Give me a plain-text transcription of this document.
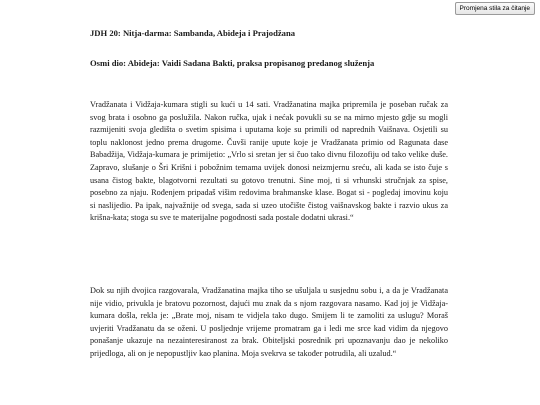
Promjena stila za čitanje
JDH 20: Nitja-darma: Sambanda, Abideja i Prajodžana
Osmi dio: Abideja: Vaidi Sadana Bakti, praksa propisanog predanog služenja

Vradžanata i Vidžaja-kumara stigli su kući u 14 sati. Vradžanatina majka pripremila je poseban ručak za svog brata i osobno ga poslužila. Nakon ručka, ujak i nećak povukli su se na mirno mjesto gdje su mogli razmijeniti svoja gledišta o svetim spisima i uputama koje su primili od naprednih Vaišnava. Osjetili su toplu naklonost jedno prema drugome. Čuvši ranije upute koje je Vradžanata primio od Ragunata dase Babadžija, Vidžaja-kumara je primijetio: „Vrlo si sretan jer si čuo tako divnu filozofiju od tako velike duše. Zapravo, slušanje o Šri Krišni i pobožnim temama uvijek donosi neizmjernu sreću, ali kada se isto čuje s usana čistog bakte, blagotvorni rezultati su gotovo trenutni. Sine moj, ti si vrhunski stručnjak za spise, posebno za njaju. Rođenjem pripadaš višim redovima brahmanske klase. Bogat si - pogledaj imovinu koju si naslijedio. Pa ipak, najvažnije od svega, sada si uzeo utočište čistog vaišnavskog bakte i razvio ukus za krišna-kata; stoga su sve te materijalne pogodnosti sada postale dodatni ukrasi.“

Dok su njih dvojica razgovarala, Vradžanatina majka tiho se ušuljala u susjednu sobu i, a da je Vradžanata nije vidio, privukla je bratovu pozornost, dajući mu znak da s njom razgovara nasamo. Kad joj je Vidžaja-kumara došla, rekla je: „Brate moj, nisam te vidjela tako dugo. Smijem li te zamoliti za uslugu? Moraš uvjeriti Vradžanatu da se oženi. U posljednje vrijeme promatram ga i ledi me srce kad vidim da njegovo ponašanje ukazuje na nezainteresiranost za brak. Obiteljski posrednik pri upoznavanju dao je nekoliko prijedloga, ali on je nepopustljiv kao planina. Moja svekrva se također potrudila, ali uzalud.“
